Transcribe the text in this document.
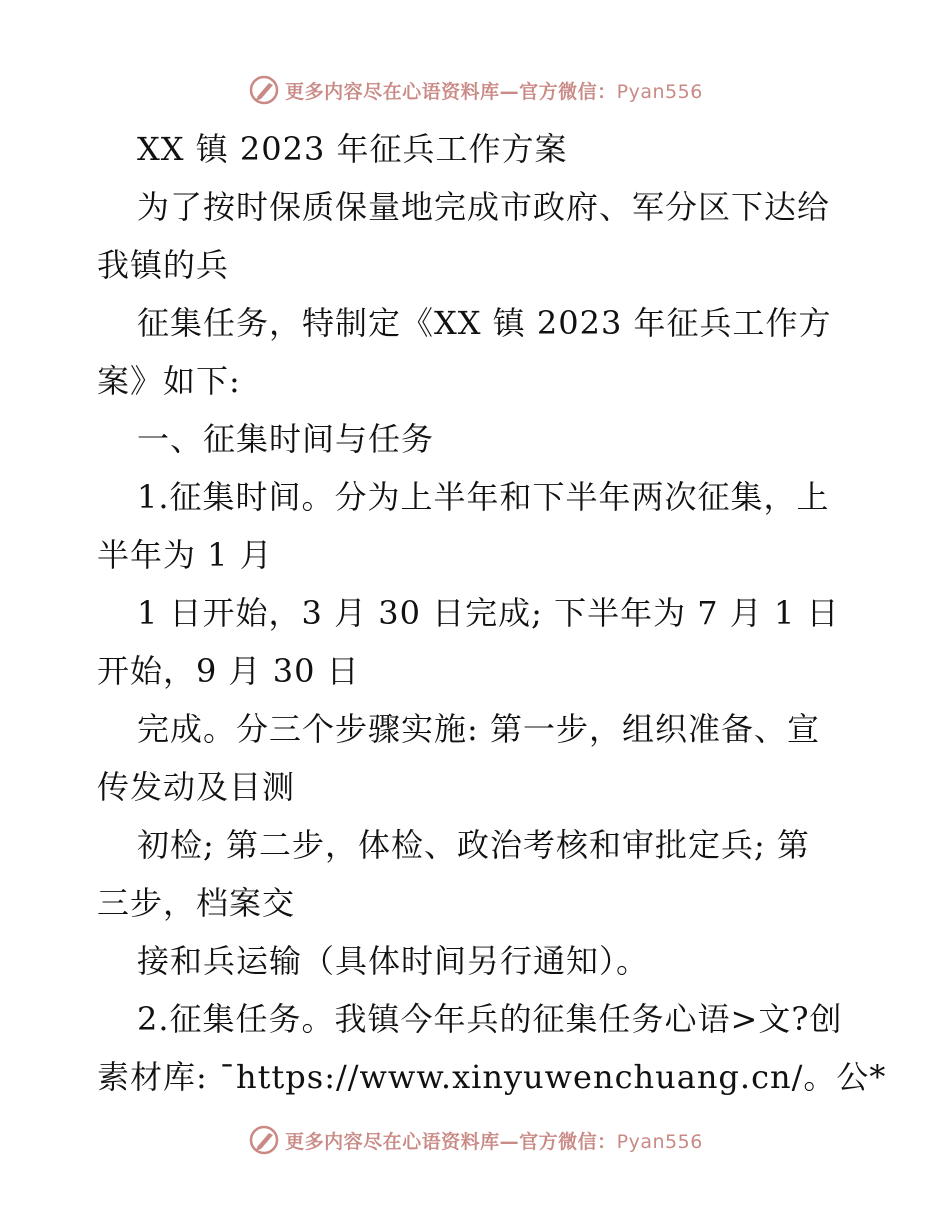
更多内容尽在心语资料库—官方微信：Pyan556
XX 镇 2023 年征兵工作方案
为了按时保质保量地完成市政府、军分区下达给
我镇的兵
征集任务，特制定《XX 镇 2023 年征兵工作方
案》如下:
一、征集时间与任务
1.征集时间。分为上半年和下半年两次征集，上
半年为 1 月
1 日开始，3 月 30 日完成; 下半年为 7 月 1 日
开始，9 月 30 日
完成。分三个步骤实施: 第一步，组织准备、宣
传发动及目测
初检; 第二步，体检、政治考核和审批定兵; 第
三步，档案交
接和兵运输（具体时间另行通知）。
2.征集任务。我镇今年兵的征集任务心语>文?创
素材库: ¯https://www.xinyuwenchuang.cn/。公*
更多内容尽在心语资料库—官方微信：Pyan556
